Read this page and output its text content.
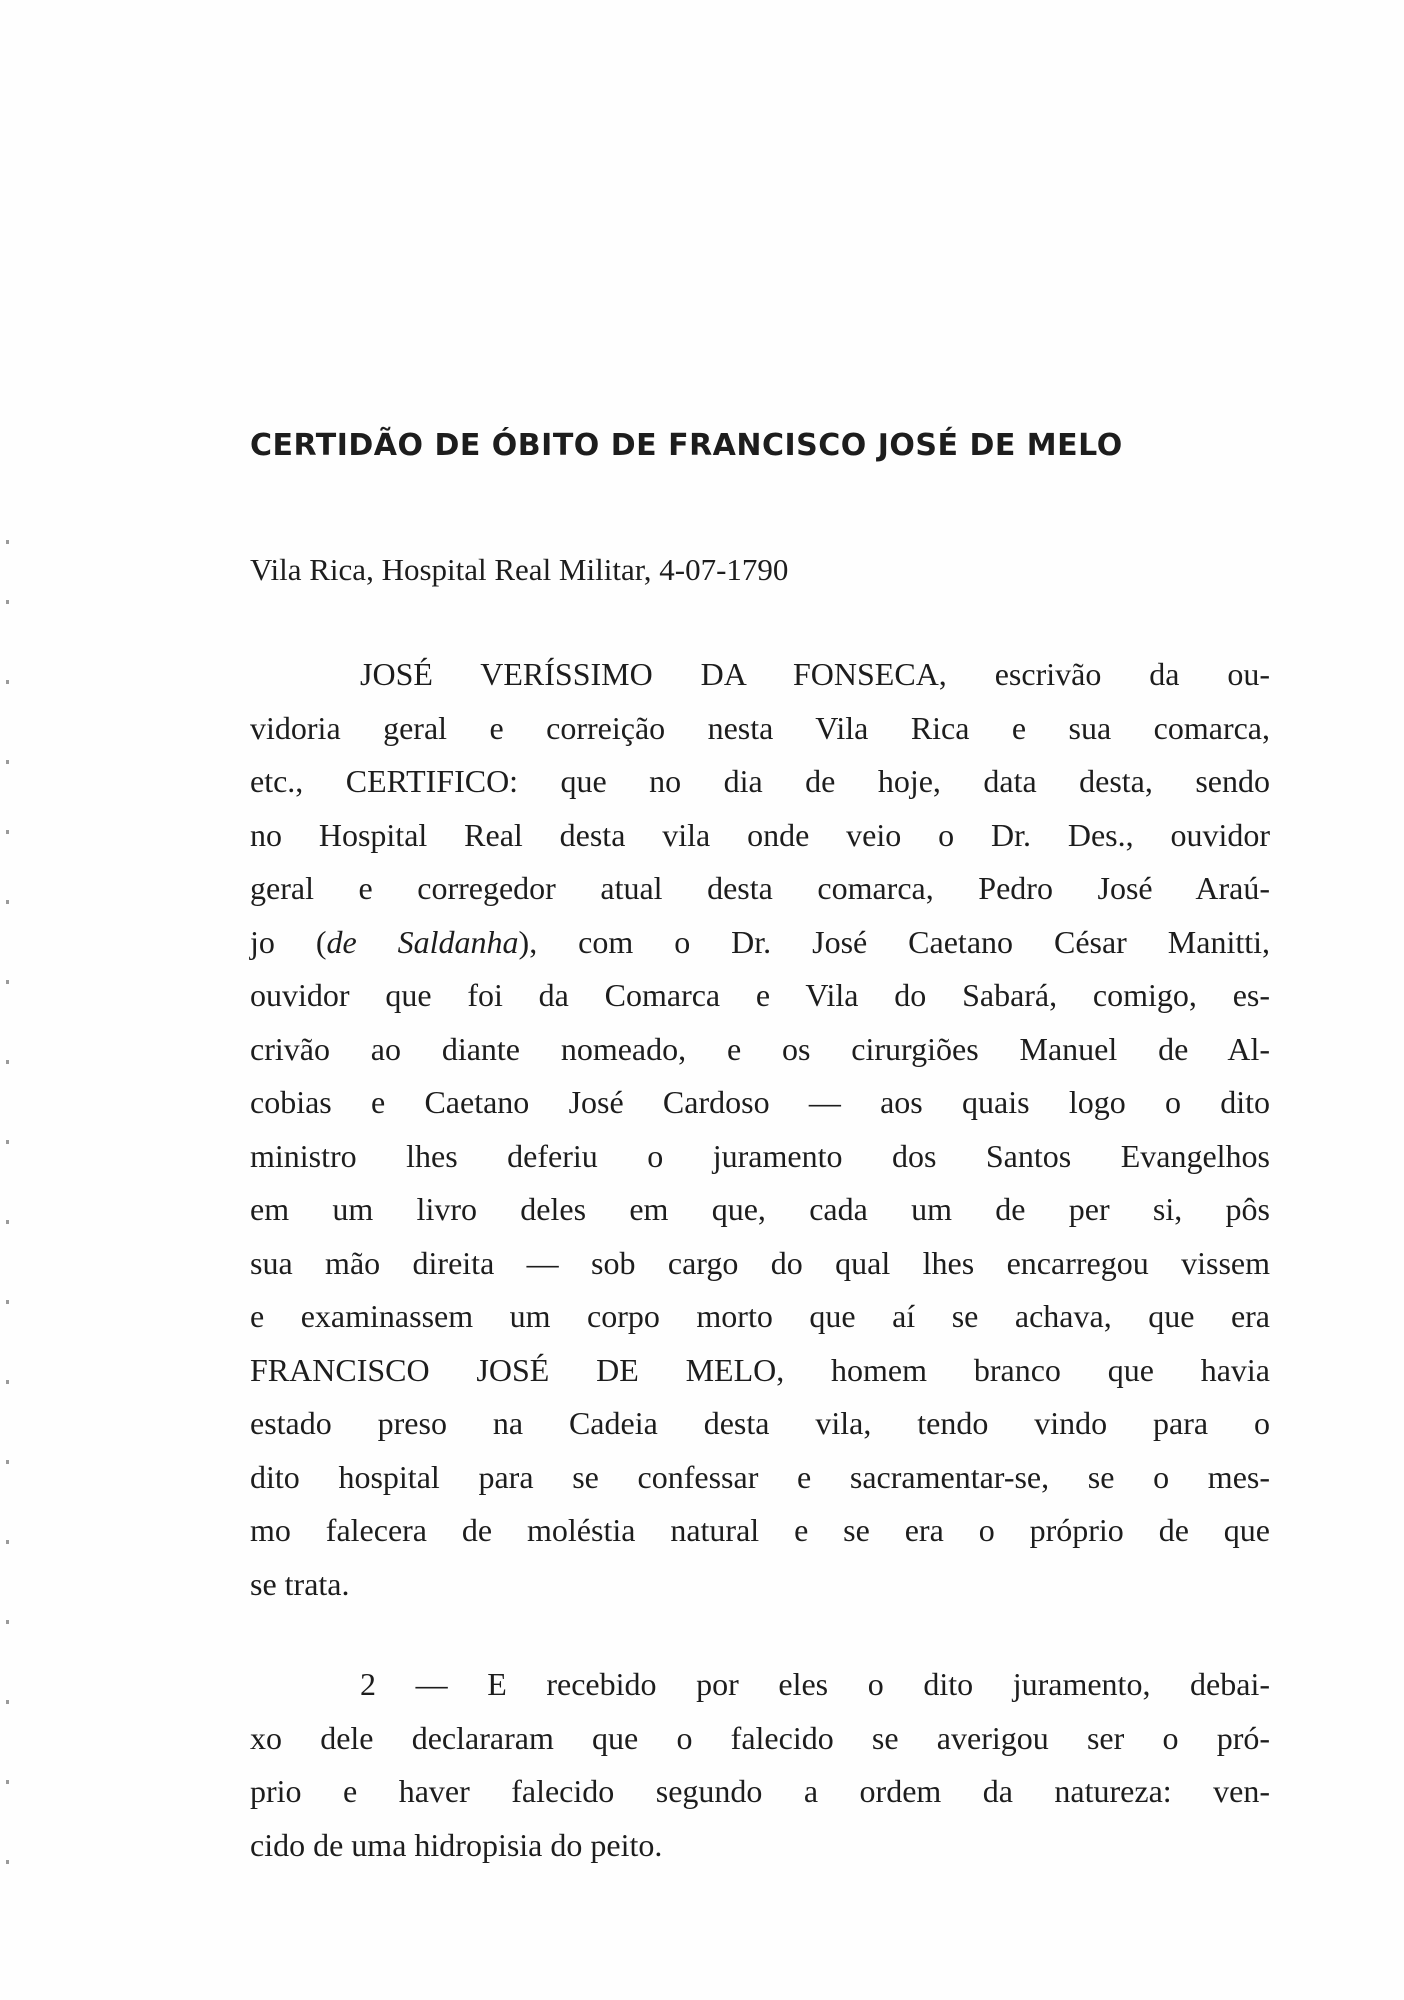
CERTIDÃO DE ÓBITO DE FRANCISCO JOSÉ DE MELO
Vila Rica, Hospital Real Militar, 4-07-1790
JOSÉ VERÍSSIMO DA FONSECA, escrivão da ou-
vidoria geral e correição nesta Vila Rica e sua comarca,
etc., CERTIFICO: que no dia de hoje, data desta, sendo
no Hospital Real desta vila onde veio o Dr. Des., ouvidor
geral e corregedor atual desta comarca, Pedro José Araú-
jo (de Saldanha), com o Dr. José Caetano César Manitti,
ouvidor que foi da Comarca e Vila do Sabará, comigo, es-
crivão ao diante nomeado, e os cirurgiões Manuel de Al-
cobias e Caetano José Cardoso — aos quais logo o dito
ministro lhes deferiu o juramento dos Santos Evangelhos
em um livro deles em que, cada um de per si, pôs
sua mão direita — sob cargo do qual lhes encarregou vissem
e examinassem um corpo morto que aí se achava, que era
FRANCISCO JOSÉ DE MELO, homem branco que havia
estado preso na Cadeia desta vila, tendo vindo para o
dito hospital para se confessar e sacramentar-se, se o mes-
mo falecera de moléstia natural e se era o próprio de que
se trata.
2 — E recebido por eles o dito juramento, debai-
xo dele declararam que o falecido se averigou ser o pró-
prio e haver falecido segundo a ordem da natureza: ven-
cido de uma hidropisia do peito.
